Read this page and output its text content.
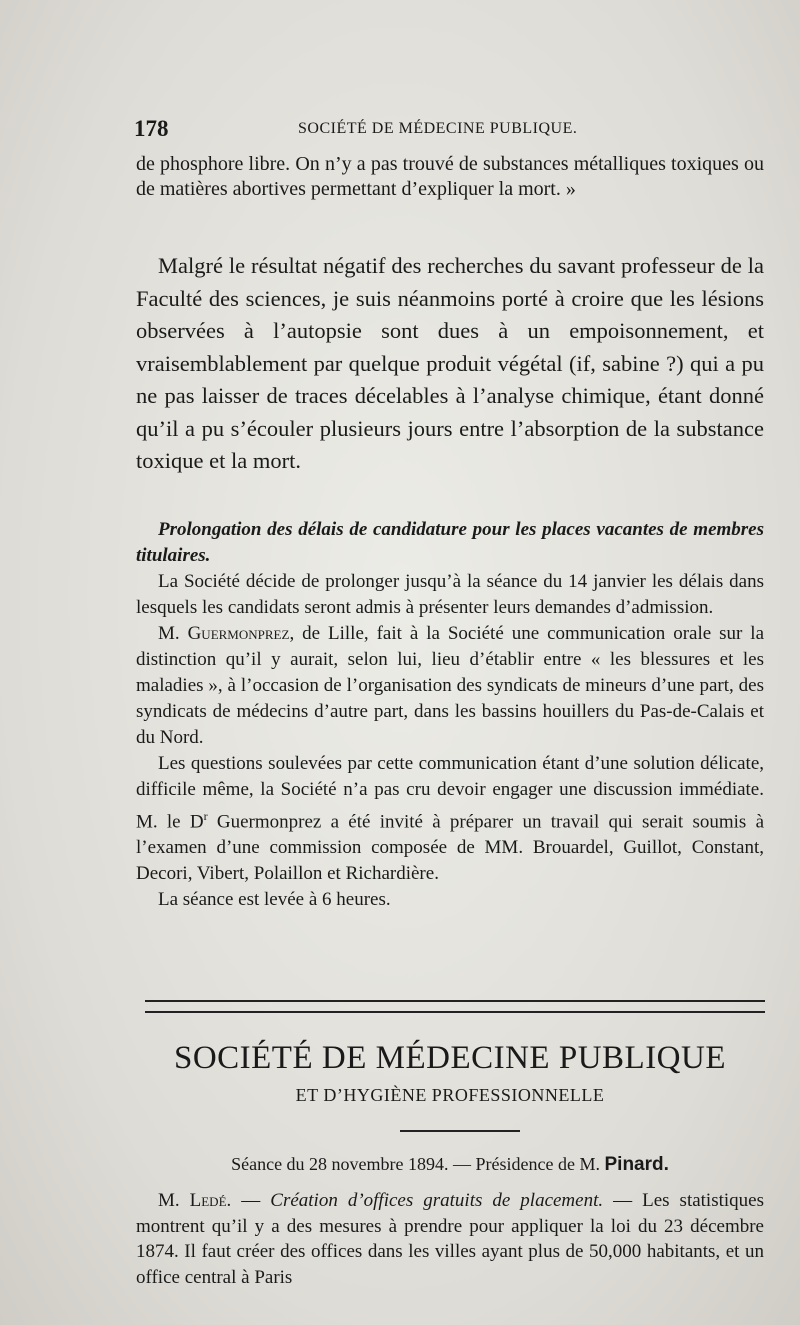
178	SOCIÉTÉ DE MÉDECINE PUBLIQUE.

de phosphore libre. On n’y a pas trouvé de substances métalliques toxiques ou de matières abortives permettant d’expliquer la mort. »

Malgré le résultat négatif des recherches du savant professeur de la Faculté des sciences, je suis néanmoins porté à croire que les lésions observées à l’autopsie sont dues à un empoisonnement, et vraisemblablement par quelque produit végétal (if, sabine ?) qui a pu ne pas laisser de traces décelables à l’analyse chimique, étant donné qu’il a pu s’écouler plusieurs jours entre l’absorption de la substance toxique et la mort.

Prolongation des délais de candidature pour les places vacantes de membres titulaires.

La Société décide de prolonger jusqu’à la séance du 14 janvier les délais dans lesquels les candidats seront admis à présenter leurs demandes d’admission.

M. Guermonprez, de Lille, fait à la Société une communication orale sur la distinction qu’il y aurait, selon lui, lieu d’établir entre « les blessures et les maladies », à l’occasion de l’organisation des syndicats de mineurs d’une part, des syndicats de médecins d’autre part, dans les bassins houillers du Pas-de-Calais et du Nord.

Les questions soulevées par cette communication étant d’une solution délicate, difficile même, la Société n’a pas cru devoir engager une discussion immédiate. M. le $D^r$ Guermonprez a été invité à préparer un travail qui serait soumis à l’examen d’une commission composée de MM. Brouardel, Guillot, Constant, Decori, Vibert, Polaillon et Richardière.

La séance est levée à 6 heures.

SOCIÉTÉ DE MÉDECINE PUBLIQUE
ET D’HYGIÈNE PROFESSIONNELLE
Séance du 28 novembre 1894. — Présidence de M. Pinard.

M. Ledé. — Création d’offices gratuits de placement. — Les statistiques montrent qu’il y a des mesures à prendre pour appliquer la loi du 23 décembre 1874. Il faut créer des offices dans les villes ayant plus de 50,000 habitants, et un office central à Paris
